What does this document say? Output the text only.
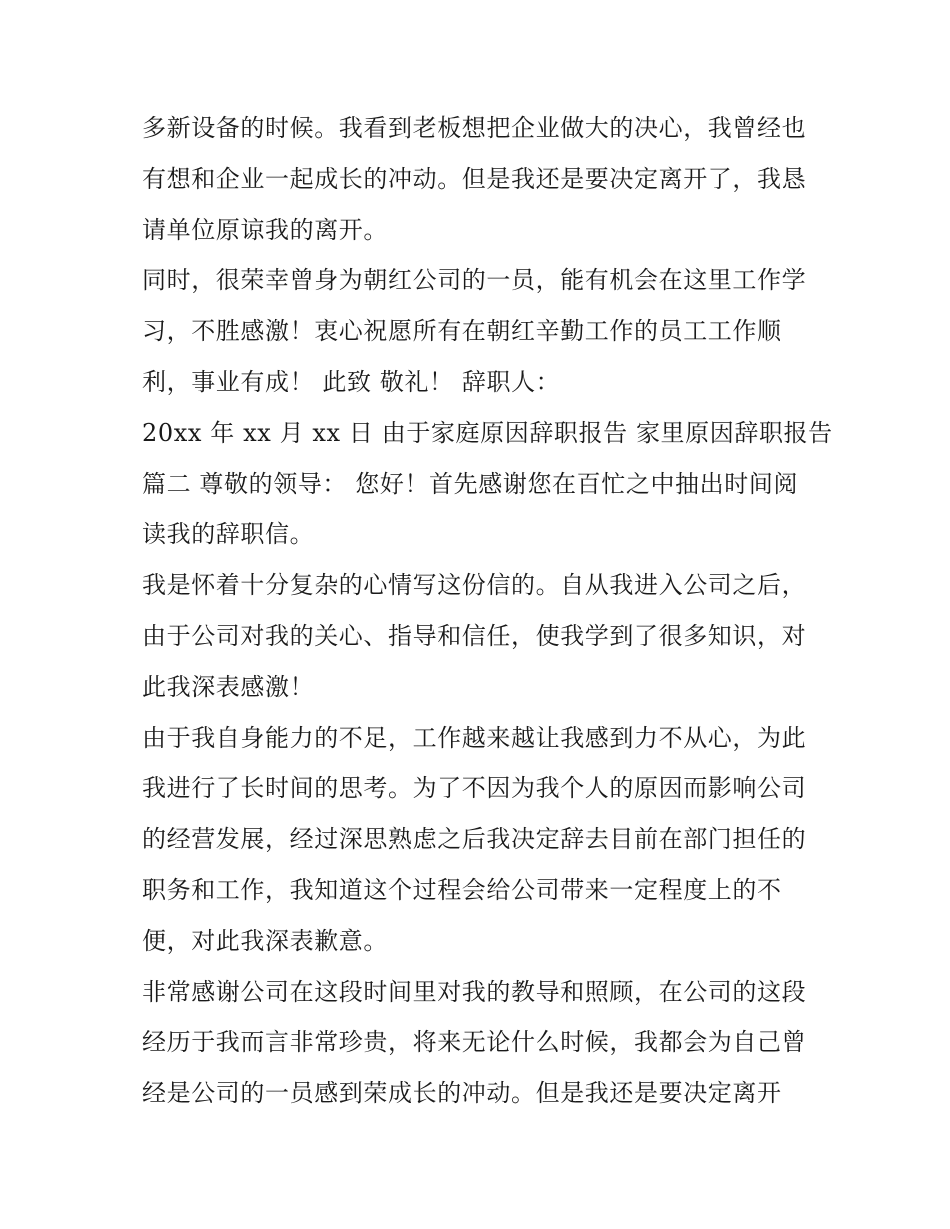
多新设备的时候。我看到老板想把企业做大的决心，我曾经也
有想和企业一起成长的冲动。但是我还是要决定离开了，我恳
请单位原谅我的离开。
同时，很荣幸曾身为朝红公司的一员，能有机会在这里工作学
习，不胜感激！衷心祝愿所有在朝红辛勤工作的员工工作顺
利，事业有成！ 此致 敬礼！ 辞职人：
20xx 年 xx 月 xx 日 由于家庭原因辞职报告 家里原因辞职报告
篇二 尊敬的领导： 您好！首先感谢您在百忙之中抽出时间阅
读我的辞职信。
我是怀着十分复杂的心情写这份信的。自从我进入公司之后，
由于公司对我的关心、指导和信任，使我学到了很多知识，对
此我深表感激！
由于我自身能力的不足，工作越来越让我感到力不从心，为此
我进行了长时间的思考。为了不因为我个人的原因而影响公司
的经营发展，经过深思熟虑之后我决定辞去目前在部门担任的
职务和工作，我知道这个过程会给公司带来一定程度上的不
便，对此我深表歉意。
非常感谢公司在这段时间里对我的教导和照顾，在公司的这段
经历于我而言非常珍贵，将来无论什么时候，我都会为自己曾
经是公司的一员感到荣成长的冲动。但是我还是要决定离开
